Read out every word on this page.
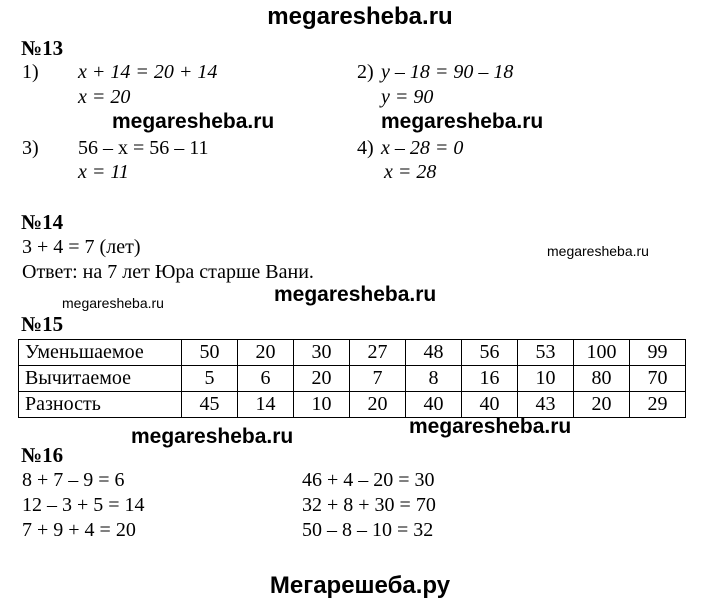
megaresheba.ru
№13
1) x + 14 = 20 + 14
x = 20
2) y – 18 = 90 – 18
y = 90
megaresheba.ru	megaresheba.ru
3) 56 – x = 56 – 11
x = 11
4) x – 28 = 0
x = 28
№14
3 + 4 = 7 (лет)	megaresheba.ru
Ответ: на 7 лет Юра старше Вани.
megaresheba.ru	megaresheba.ru
№15
Уменьшаемое	50	20	30	27	48	56	53	100	99
Вычитаемое	5	6	20	7	8	16	10	80	70
Разность	45	14	10	20	40	40	43	20	29
megaresheba.ru	megaresheba.ru
№16
8 + 7 – 9 = 6
12 – 3 + 5 = 14
7 + 9 + 4 = 20
46 + 4 – 20 = 30
32 + 8 + 30 = 70
50 – 8 – 10 = 32
Мегарешеба.ру
